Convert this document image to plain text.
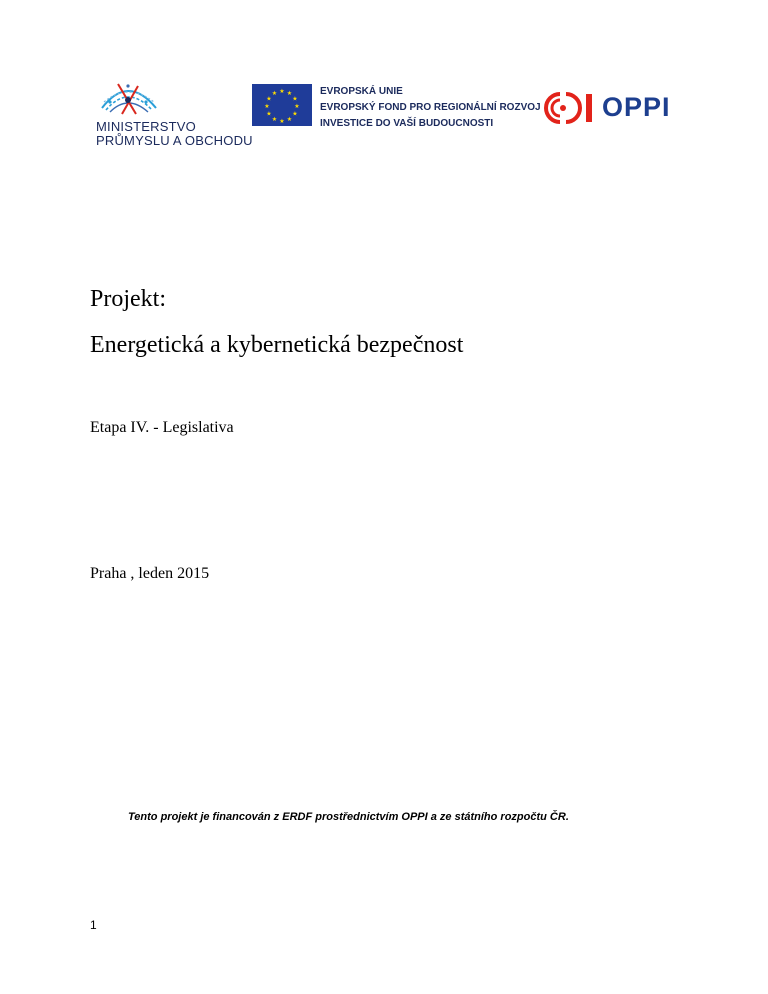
MINISTERSTVO
PRŮMYSLU A OBCHODU
★ ★
★
★
★
★
★
★
★
★
★
★	EVROPSKÁ UNIE
EVROPSKÝ FOND PRO REGIONÁLNÍ ROZVOJ
INVESTICE DO VAŠÍ BUDOUCNOSTI
OPPI
Projekt:
Energetická a kybernetická bezpečnost
Etapa IV. - Legislativa
Praha , leden 2015
Tento projekt je financován z ERDF prostřednictvím OPPI a ze státního rozpočtu ČR.
1
